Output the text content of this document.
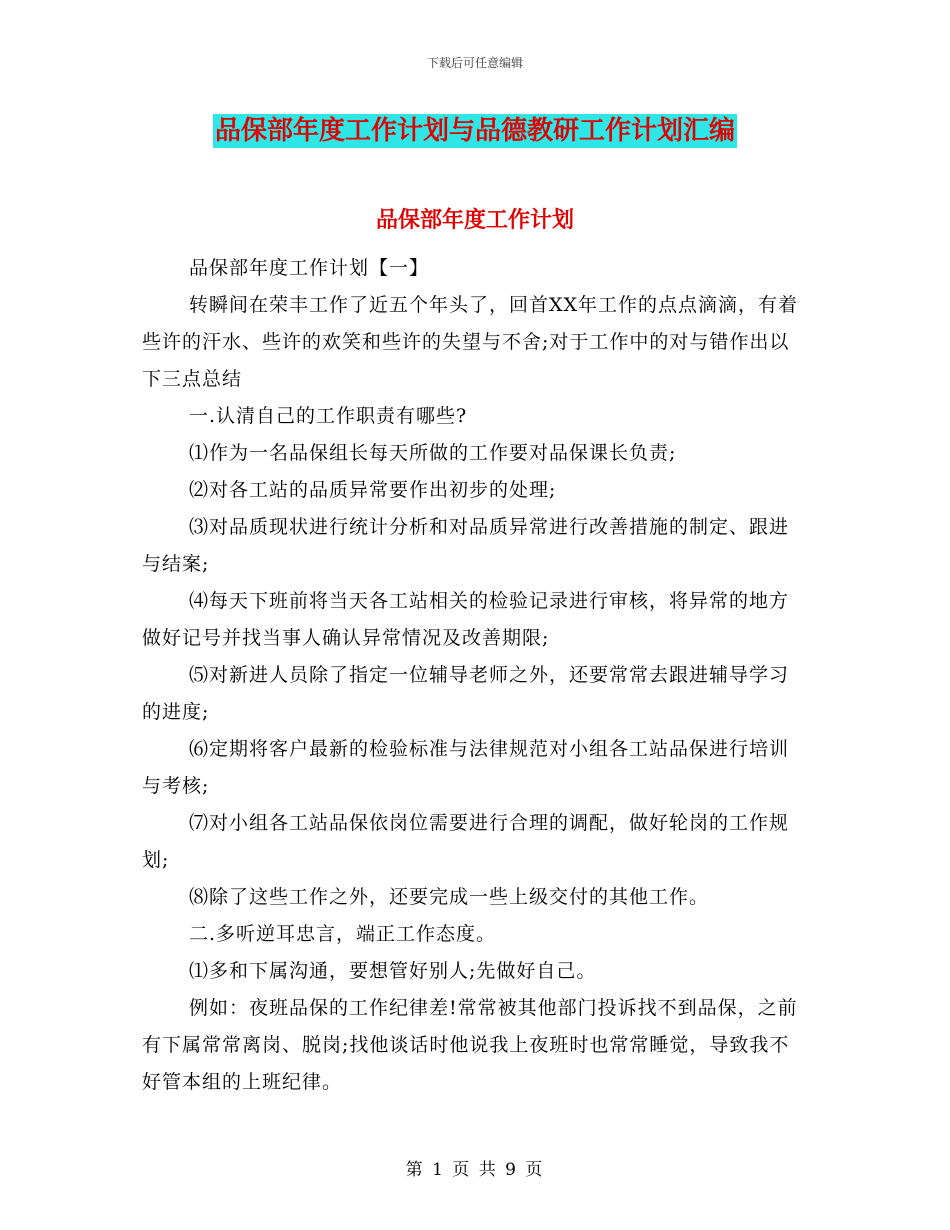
下载后可任意编辑
品保部年度工作计划与品德教研工作计划汇编
品保部年度工作计划

品保部年度工作计划【一】

转瞬间在荣丰工作了近五个年头了，回首XX年工作的点点滴滴，有着些许的汗水、些许的欢笑和些许的失望与不舍;对于工作中的对与错作出以下三点总结

一.认清自己的工作职责有哪些?

⑴作为一名品保组长每天所做的工作要对品保课长负责;

⑵对各工站的品质异常要作出初步的处理;

⑶对品质现状进行统计分析和对品质异常进行改善措施的制定、跟进与结案;

⑷每天下班前将当天各工站相关的检验记录进行审核，将异常的地方做好记号并找当事人确认异常情况及改善期限;

⑸对新进人员除了指定一位辅导老师之外，还要常常去跟进辅导学习的进度;

⑹定期将客户最新的检验标准与法律规范对小组各工站品保进行培训与考核;

⑺对小组各工站品保依岗位需要进行合理的调配，做好轮岗的工作规划;

⑻除了这些工作之外，还要完成一些上级交付的其他工作。

二.多听逆耳忠言，端正工作态度。

⑴多和下属沟通，要想管好别人;先做好自己。

例如：夜班品保的工作纪律差!常常被其他部门投诉找不到品保，之前有下属常常离岗、脱岗;找他谈话时他说我上夜班时也常常睡觉，导致我不好管本组的上班纪律。

第 1 页 共 9 页
